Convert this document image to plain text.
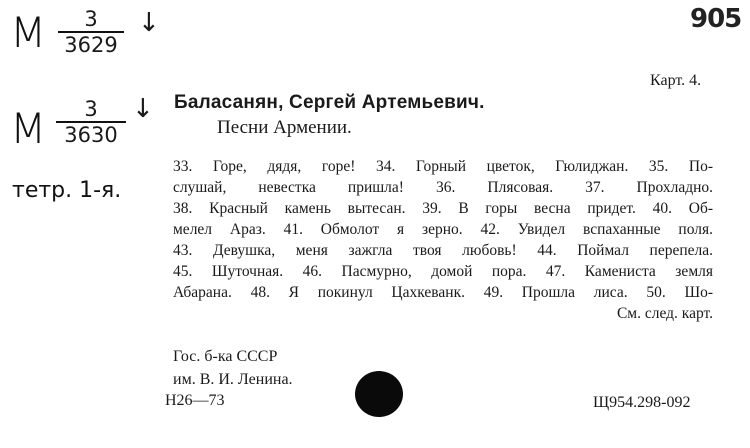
М	3
3629
↓
М	3
3630
↓
тетр. 1-я.
905
Карт. 4.
Баласанян, Сергей Артемьевич.
Песни Армении.
33. Горе, дядя, горе! 34. Горный цветок, Гюлиджан. 35. По-
слушай, невестка пришла! 36. Плясовая. 37. Прохладно.
38. Красный камень вытесан. 39. В горы весна придет. 40. Об-
мелел Араз. 41. Обмолот я зерно. 42. Увидел вспаханные поля.
43. Девушка, меня зажгла твоя любовь! 44. Поймал перепела.
45. Шуточная. 46. Пасмурно, домой пора. 47. Камениста земля
Абарана. 48. Я покинул Цахкеванк. 49. Прошла лиса. 50. Шо-
См. след. карт.
Гос. б-ка СССР
им. В. И. Ленина.
Н26—73	Щ954.298-092
